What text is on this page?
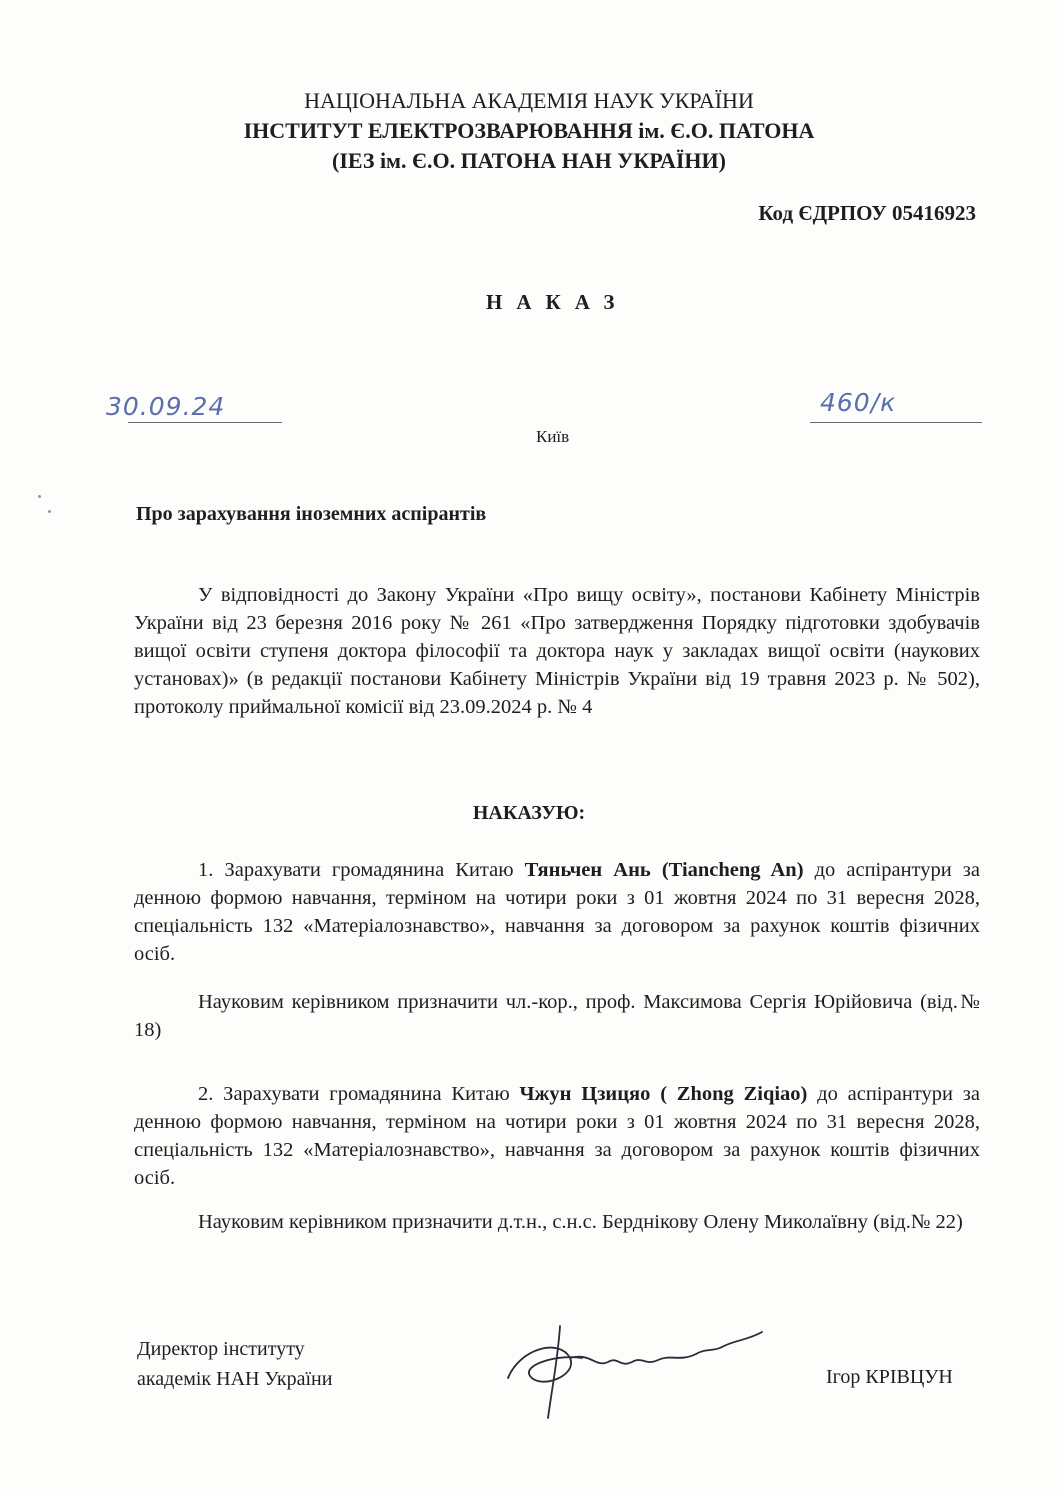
НАЦІОНАЛЬНА АКАДЕМІЯ НАУК УКРАЇНИ
ІНСТИТУТ ЕЛЕКТРОЗВАРЮВАННЯ ім. Є.О. ПАТОНА
(ІЕЗ ім. Є.О. ПАТОНА НАН УКРАЇНИ)
Код ЄДРПОУ 05416923
НАКАЗ
30.09.24	460/к
Київ
Про зарахування іноземних аспірантів
У відповідності до Закону України «Про вищу освіту», постанови Кабінету Міністрів України від 23 березня 2016 року № 261 «Про затвердження Порядку підготовки здобувачів вищої освіти ступеня доктора філософії та доктора наук у закладах вищої освіти (наукових установах)» (в редакції постанови Кабінету Міністрів України від 19 травня 2023 р. № 502), протоколу приймальної комісії від 23.09.2024 р. № 4
НАКАЗУЮ:
1. Зарахувати громадянина Китаю Тяньчен Ань (Tiancheng An) до аспірантури за денною формою навчання, терміном на чотири роки з 01 жовтня 2024 по 31 вересня 2028, спеціальність 132 «Матеріалознавство», навчання за договором за рахунок коштів фізичних осіб.
Науковим керівником призначити чл.-кор., проф. Максимова Сергія Юрійовича (від.№ 18)
2. Зарахувати громадянина Китаю Чжун Цзицяо ( Zhong Ziqiao) до аспірантури за денною формою навчання, терміном на чотири роки з 01 жовтня 2024 по 31 вересня 2028, спеціальність 132 «Матеріалознавство», навчання за договором за рахунок коштів фізичних осіб.
Науковим керівником призначити д.т.н., с.н.с. Берднікову Олену Миколаївну (від.№ 22)
Директор інституту
академік НАН України	Ігор КРІВЦУН
